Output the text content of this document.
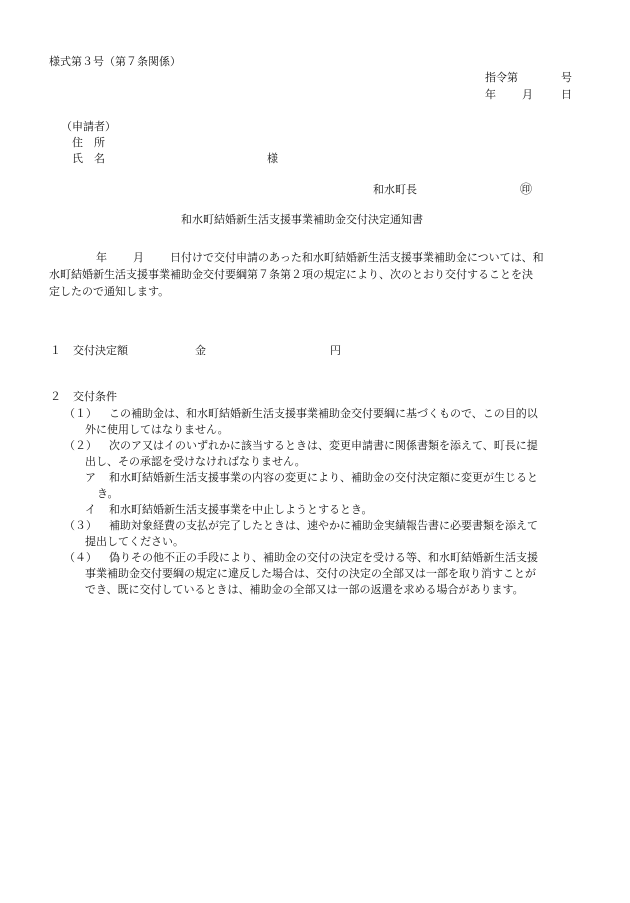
様式第３号（第７条関係）
指令第	号
年 月	日
（申請者）
住　所
氏　名	様
和水町長	㊞
和水町結婚新生活支援事業補助金交付決定通知書
年 月 日付けで交付申請のあった和水町結婚新生活支援事業補助金については、和
水町結婚新生活支援事業補助金交付要綱第７条第２項の規定により、次のとおり交付することを決
定したので通知します。
１ 交付決定額	金	円
２ 交付条件
（１） この補助金は、和水町結婚新生活支援事業補助金交付要綱に基づくもので、この目的以
外に使用してはなりません。
（２） 次のア又はイのいずれかに該当するときは、変更申請書に関係書類を添えて、町長に提
出し、その承認を受けなければなりません。
ア 和水町結婚新生活支援事業の内容の変更により、補助金の交付決定額に変更が生じると
き。
イ 和水町結婚新生活支援事業を中止しようとするとき。
（３） 補助対象経費の支払が完了したときは、速やかに補助金実績報告書に必要書類を添えて
提出してください。
（４） 偽りその他不正の手段により、補助金の交付の決定を受ける等、和水町結婚新生活支援
事業補助金交付要綱の規定に違反した場合は、交付の決定の全部又は一部を取り消すことが
でき、既に交付しているときは、補助金の全部又は一部の返還を求める場合があります。
